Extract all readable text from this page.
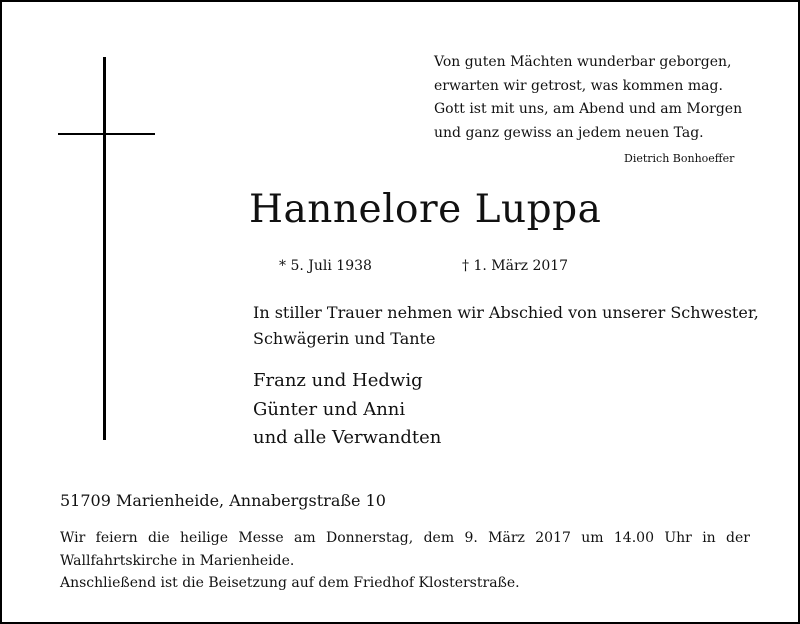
Von guten Mächten wunderbar geborgen,
erwarten wir getrost, was kommen mag.
Gott ist mit uns, am Abend und am Morgen
und ganz gewiss an jedem neuen Tag.
Dietrich Bonhoeffer
Hannelore Luppa
* 5. Juli 1938	† 1. März 2017
In stiller Trauer nehmen wir Abschied von unserer Schwester,
Schwägerin und Tante
Franz und Hedwig
Günter und Anni
und alle Verwandten
51709 Marienheide, Annabergstraße 10
Wir feiern die heilige Messe am Donnerstag, dem 9. März 2017 um 14.00 Uhr in der
Wallfahrtskirche in Marienheide.
Anschließend ist die Beisetzung auf dem Friedhof Klosterstraße.
